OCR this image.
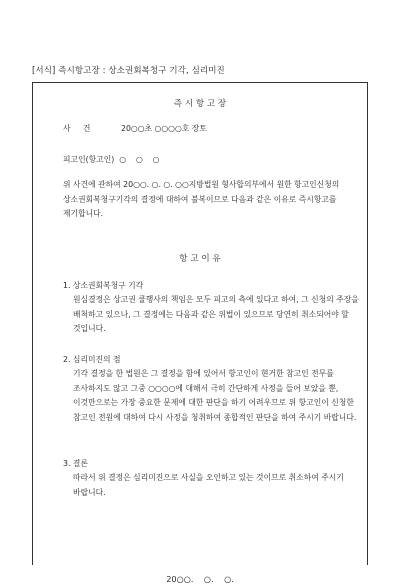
[서식] 즉시항고장 : 상소권회복청구 기각, 심리미진
즉 시 항 고 장
사     건	20○○초 ○○○○호 장토
피고인(항고인)  ○    ○    ○
위 사건에 관하여 20○○. ○. ○. ○○지방법원 형사합의부에서 원한 항고인신청의 상소권회복청구기각의 결정에 대하여 불복이므로 다음과 같은 이유로 즉시항고를 제기합니다.
항 고 이 유
1. 상소권회복청구 기각
원심결정은 상고권 쿨행사의 책임은 모두 피고의 측에 있다고 하여, 그 신청의 주장을 배척하고 있으나, 그 결정에는 다음과 같은 위법이 있으므로 당연히 취소되어야 할 것입니다.
2. 심리미진의 점
기각 결정을 한 법원은 그 결정을 함에 있어서 항고인이 현거한 참고인 전무를 조사하지도 않고 그중 ○○○○에 대해서 극히 간단하게 사정을 들어 보았을 뿐, 이것만으로는 가장 중요한 문제에 대한 판단을 하기 어려우므로 위 항고인이 신청한 참고인 전원에 대하여 다시 사정을 청취하여 종합적인 판단을 하여 주시기 바랍니다.
3. 결론
따라서 위 결정은 심리미진으로 사실을 오인하고 있는 것이므로 취소하여 주시기 바랍니다.
20○○.    ○.    ○.
